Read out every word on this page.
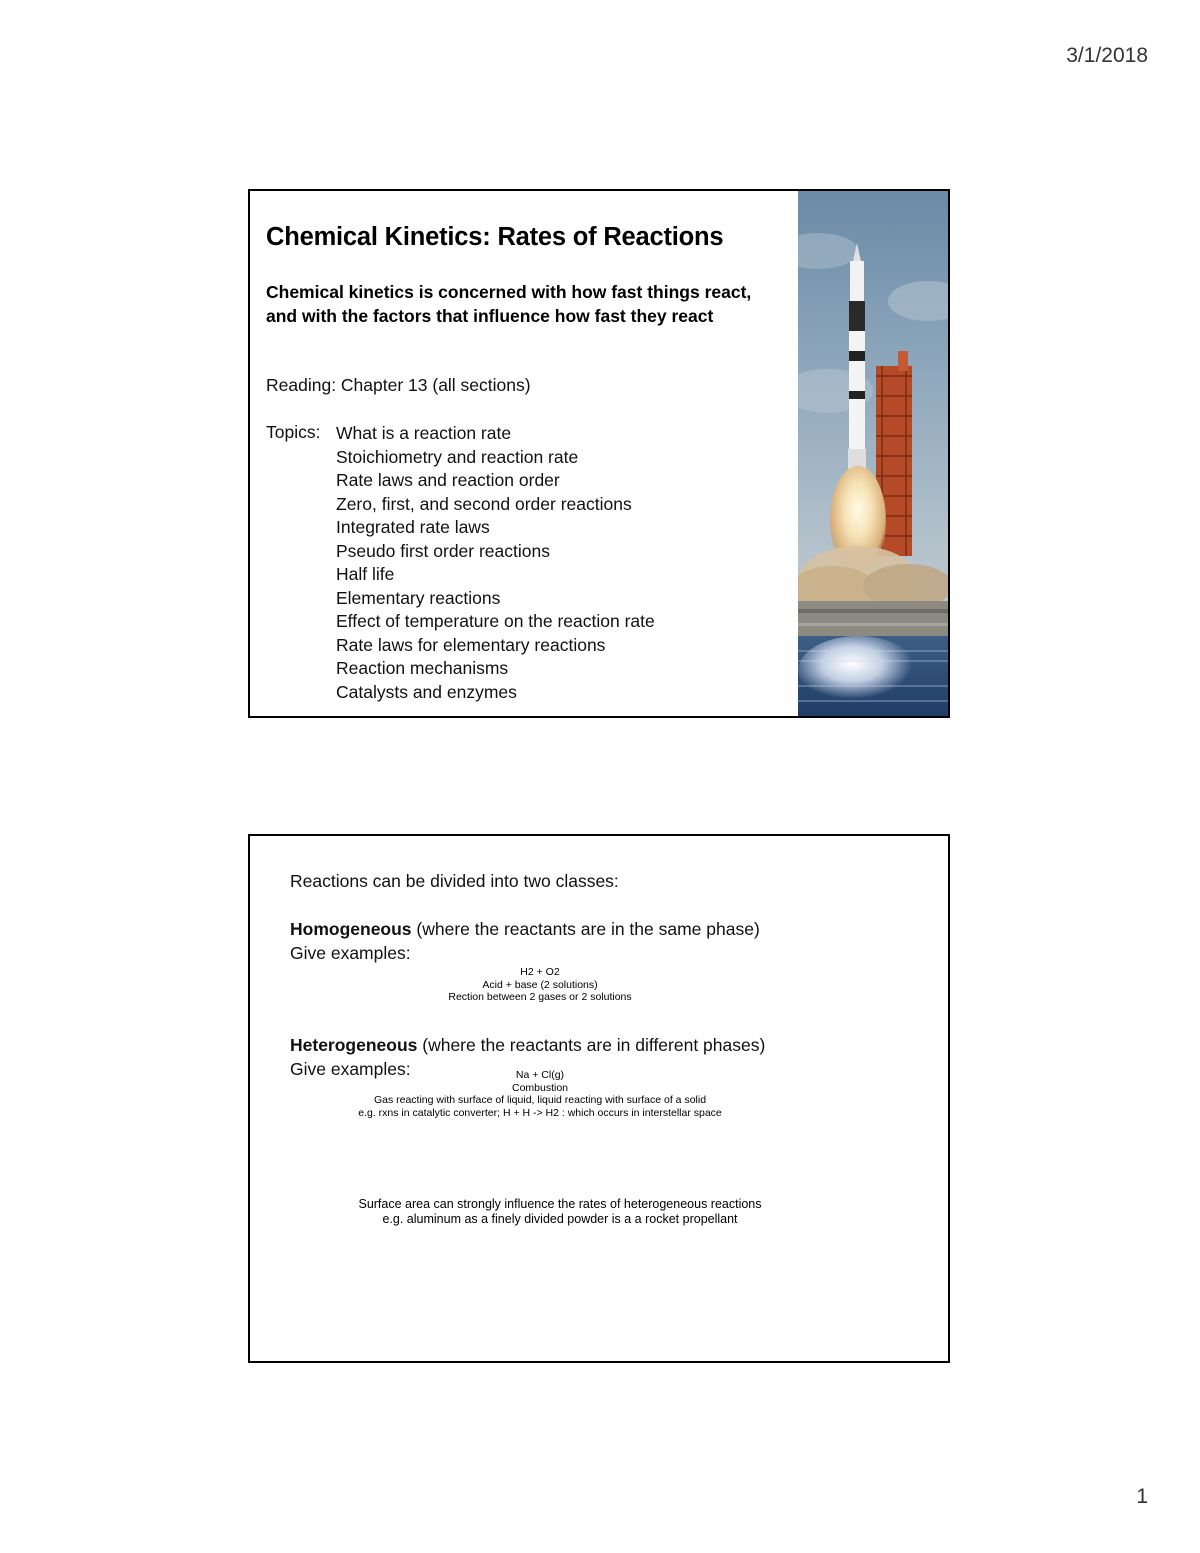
3/1/2018
Chemical Kinetics: Rates of Reactions
Chemical kinetics is concerned with how fast things react, and with the factors that influence how fast they react
Reading: Chapter 13 (all sections)
Topics: What is a reaction rate
Stoichiometry and reaction rate
Rate laws and reaction order
Zero, first, and second order reactions
Integrated rate laws
Pseudo first order reactions
Half life
Elementary reactions
Effect of temperature on the reaction rate
Rate laws for elementary reactions
Reaction mechanisms
Catalysts and enzymes
Reactions can be divided into two classes:
Homogeneous (where the reactants are in the same phase)
Give examples:
H2 + O2
Acid + base (2 solutions)
Rection between 2 gases or 2 solutions
Heterogeneous (where the reactants are in different phases)
Give examples:	Na + Cl(g)
Combustion
Gas reacting with surface of liquid, liquid reacting with surface of a solid
e.g. rxns in catalytic converter; H + H -> H2 : which occurs in interstellar space
Surface area can strongly influence the rates of heterogeneous reactions
e.g. aluminum as a finely divided powder is a a rocket propellant
1
